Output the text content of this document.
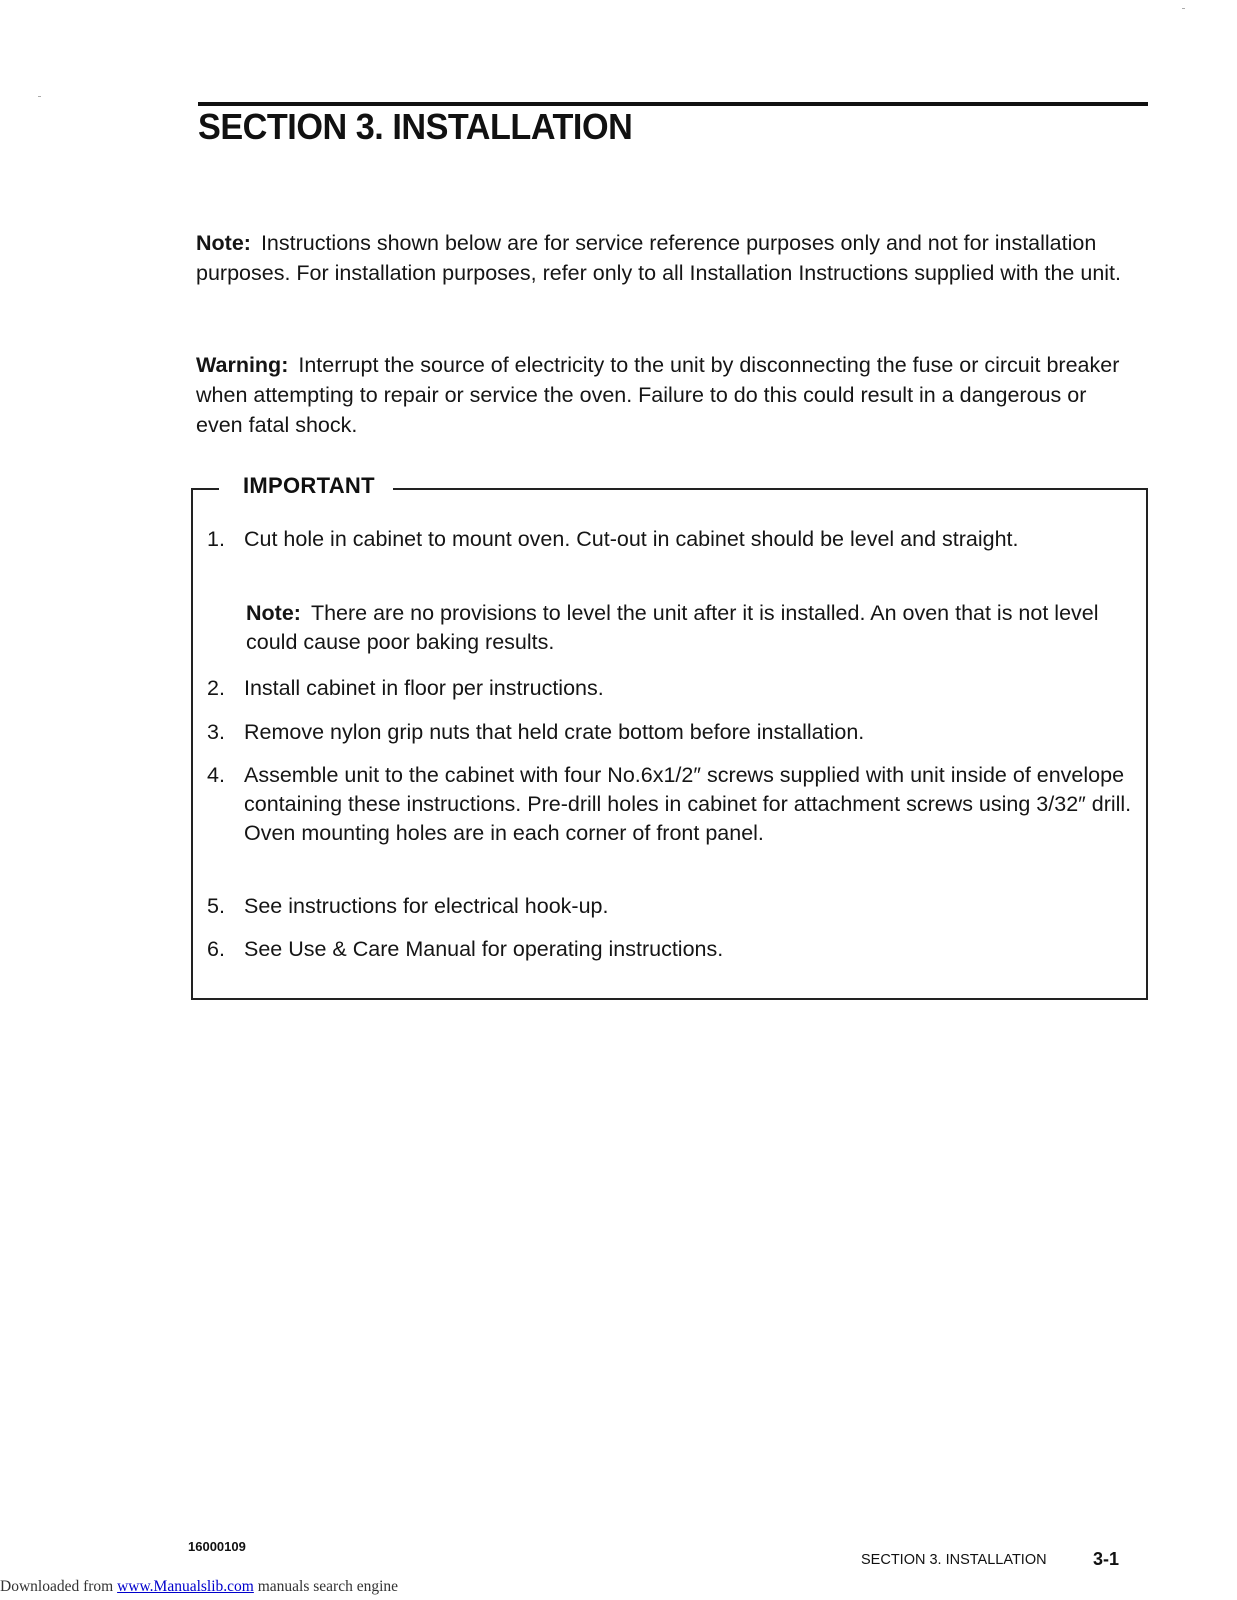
SECTION 3. INSTALLATION
Note: Instructions shown below are for service reference purposes only and not for installation purposes. For installation purposes, refer only to all Installation Instructions supplied with the unit.
Warning: Interrupt the source of electricity to the unit by disconnecting the fuse or circuit breaker when attempting to repair or service the oven. Failure to do this could result in a dangerous or even fatal shock.
IMPORTANT
1. Cut hole in cabinet to mount oven. Cut-out in cabinet should be level and straight.
Note: There are no provisions to level the unit after it is installed. An oven that is not level could cause poor baking results.
2. Install cabinet in floor per instructions.
3. Remove nylon grip nuts that held crate bottom before installation.
4. Assemble unit to the cabinet with four No.6x1/2″ screws supplied with unit inside of envelope containing these instructions. Pre-drill holes in cabinet for attachment screws using 3/32″ drill. Oven mounting holes are in each corner of front panel.
5. See instructions for electrical hook-up.
6. See Use & Care Manual for operating instructions.
16000109
SECTION 3. INSTALLATION	3-1
Downloaded from www.Manualslib.com manuals search engine
